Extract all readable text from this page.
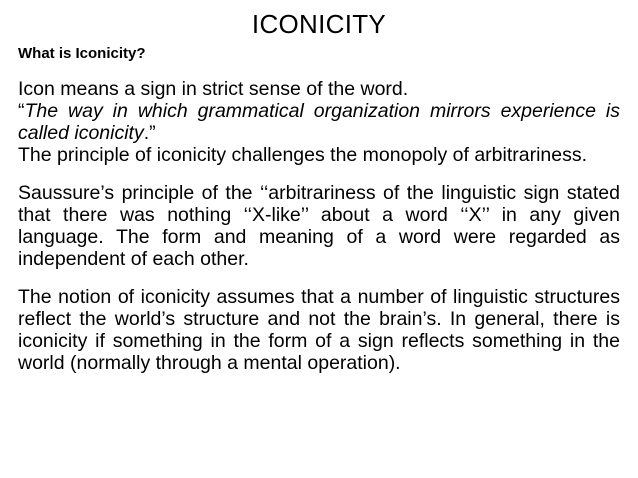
ICONICITY
What is Iconicity?

Icon means a sign in strict sense of the word.

“The way in which grammatical organization mirrors experience is called iconicity.”

The principle of iconicity challenges the monopoly of arbitrariness.

Saussure’s principle of the ‘‘arbitrariness of the linguistic sign stated that there was nothing ‘‘X-like’’ about a word ‘‘X’’ in any given language. The form and meaning of a word were regarded as independent of each other.

The notion of iconicity assumes that a number of linguistic structures reflect the world’s structure and not the brain’s. In general, there is iconicity if something in the form of a sign reflects something in the world (normally through a mental operation).
